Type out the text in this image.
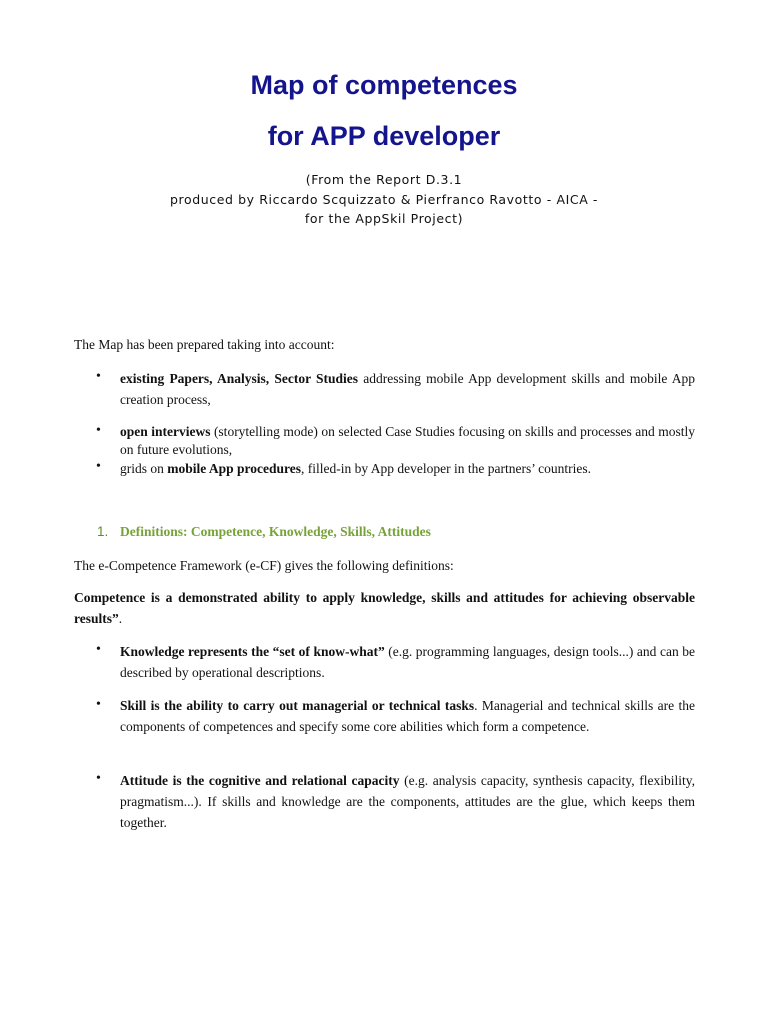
Map of competences
for APP developer
(From the Report D.3.1
produced by Riccardo Scquizzato & Pierfranco Ravotto - AICA -
for the AppSkil Project)

The Map has been prepared taking into account:

• existing Papers, Analysis, Sector Studies addressing mobile App development skills and mobile App creation process,

• open interviews (storytelling mode) on selected Case Studies focusing on skills and processes and mostly on future evolutions,

• grids on mobile App procedures, filled-in by App developer in the partners’ countries.

1. Definitions: Competence, Knowledge, Skills, Attitudes

The e-Competence Framework (e-CF) gives the following definitions:

Competence is a demonstrated ability to apply knowledge, skills and attitudes for achieving observable results”.

• Knowledge represents the “set of know-what” (e.g. programming languages, design tools...) and can be described by operational descriptions.

• Skill is the ability to carry out managerial or technical tasks. Managerial and technical skills are the components of competences and specify some core abilities which form a competence.

• Attitude is the cognitive and relational capacity (e.g. analysis capacity, synthesis capacity, flexibility, pragmatism...). If skills and knowledge are the components, attitudes are the glue, which keeps them together.
